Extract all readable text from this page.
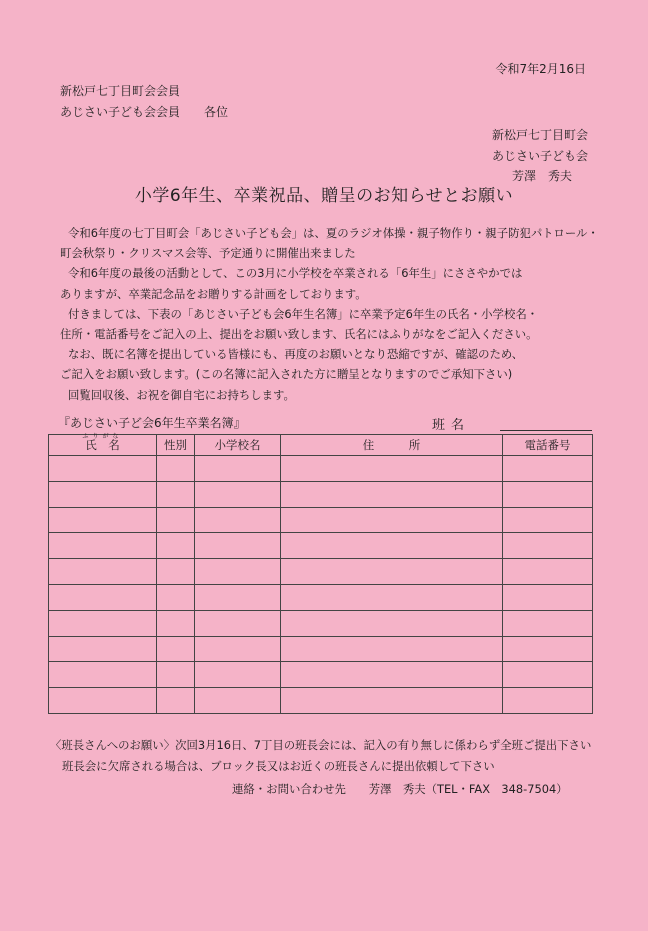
令和7年2月16日
新松戸七丁目町会会員
あじさい子ども会会員　　各位
新松戸七丁目町会
あじさい子ども会
芳澤　秀夫
小学6年生、卒業祝品、贈呈のお知らせとお願い

令和6年度の七丁目町会「あじさい子ども会」は、夏のラジオ体操・親子物作り・親子防犯パトロール・

町会秋祭り・クリスマス会等、予定通りに開催出来ました

令和6年度の最後の活動として、この3月に小学校を卒業される「6年生」にささやかでは

ありますが、卒業記念品をお贈りする計画をしております。

付きましては、下表の「あじさい子ども会6年生名簿」に卒業予定6年生の氏名・小学校名・

住所・電話番号をご記入の上、提出をお願い致します、氏名にはふりがなをご記入ください。

なお、既に名簿を提出している皆様にも、再度のお願いとなり恐縮ですが、確認のため、

ご記入をお願い致します。(この名簿に記入された方に贈呈となりますのでご承知下さい)

回覧回収後、お祝を御自宅にお持ちします。

『あじさい子ど会6年生卒業名簿』	班名
ふりがな
氏　名	性別	小学校名	住　　　所	電話番号

〈班長さんへのお願い〉次回3月16日、7丁目の班長会には、記入の有り無しに係わらず全班ご提出下さい
班長会に欠席される場合は、ブロック長又はお近くの班長さんに提出依頼して下さい
連絡・お問い合わせ先　　芳澤　秀夫（TEL・FAX　348-7504）
